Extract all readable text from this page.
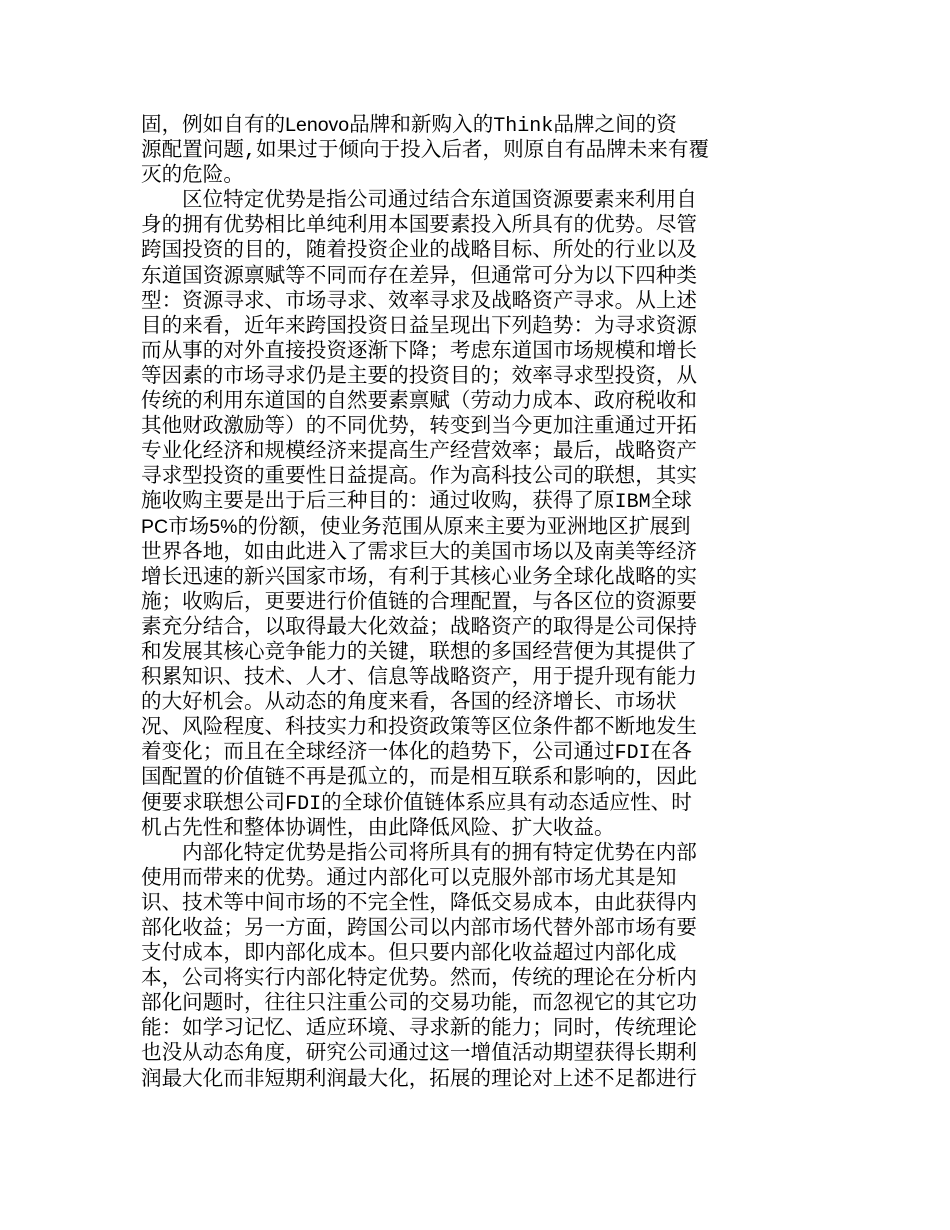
固，例如自有的Lenovo品牌和新购入的Think品牌之间的资
源配置问题,如果过于倾向于投入后者，则原自有品牌未来有覆
灭的危险。
区位特定优势是指公司通过结合东道国资源要素来利用自
身的拥有优势相比单纯利用本国要素投入所具有的优势。尽管
跨国投资的目的，随着投资企业的战略目标、所处的行业以及
东道国资源禀赋等不同而存在差异，但通常可分为以下四种类
型：资源寻求、市场寻求、效率寻求及战略资产寻求。从上述
目的来看，近年来跨国投资日益呈现出下列趋势：为寻求资源
而从事的对外直接投资逐渐下降；考虑东道国市场规模和增长
等因素的市场寻求仍是主要的投资目的；效率寻求型投资，从
传统的利用东道国的自然要素禀赋（劳动力成本、政府税收和
其他财政激励等）的不同优势，转变到当今更加注重通过开拓
专业化经济和规模经济来提高生产经营效率；最后，战略资产
寻求型投资的重要性日益提高。作为高科技公司的联想，其实
施收购主要是出于后三种目的：通过收购，获得了原IBM全球
PC市场5%的份额，使业务范围从原来主要为亚洲地区扩展到
世界各地，如由此进入了需求巨大的美国市场以及南美等经济
增长迅速的新兴国家市场，有利于其核心业务全球化战略的实
施；收购后，更要进行价值链的合理配置，与各区位的资源要
素充分结合，以取得最大化效益；战略资产的取得是公司保持
和发展其核心竞争能力的关键，联想的多国经营便为其提供了
积累知识、技术、人才、信息等战略资产，用于提升现有能力
的大好机会。从动态的角度来看，各国的经济增长、市场状
况、风险程度、科技实力和投资政策等区位条件都不断地发生
着变化；而且在全球经济一体化的趋势下，公司通过FDI在各
国配置的价值链不再是孤立的，而是相互联系和影响的，因此
便要求联想公司FDI的全球价值链体系应具有动态适应性、时
机占先性和整体协调性，由此降低风险、扩大收益。
内部化特定优势是指公司将所具有的拥有特定优势在内部
使用而带来的优势。通过内部化可以克服外部市场尤其是知
识、技术等中间市场的不完全性，降低交易成本，由此获得内
部化收益；另一方面，跨国公司以内部市场代替外部市场有要
支付成本，即内部化成本。但只要内部化收益超过内部化成
本，公司将实行内部化特定优势。然而，传统的理论在分析内
部化问题时，往往只注重公司的交易功能，而忽视它的其它功
能：如学习记忆、适应环境、寻求新的能力；同时，传统理论
也没从动态角度，研究公司通过这一增值活动期望获得长期利
润最大化而非短期利润最大化，拓展的理论对上述不足都进行
